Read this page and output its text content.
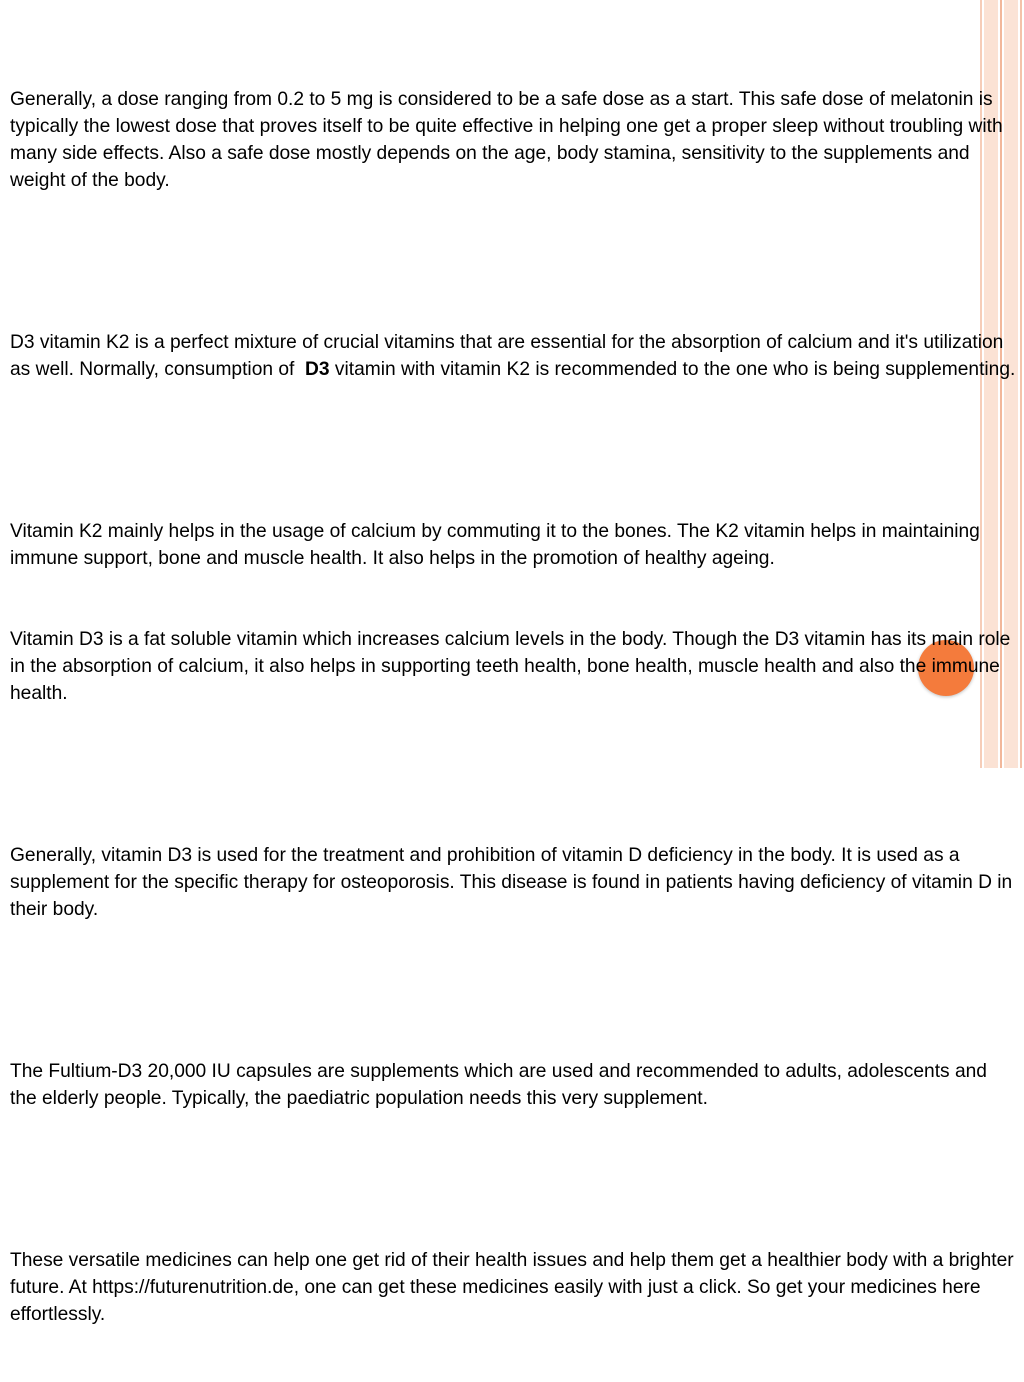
Generally, a dose ranging from 0.2 to 5 mg is considered to be a safe dose as a start. This safe dose of melatonin is typically the lowest dose that proves itself to be quite effective in helping one get a proper sleep without troubling with many side effects. Also a safe dose mostly depends on the age, body stamina, sensitivity to the supplements and weight of the body.

D3 vitamin K2 is a perfect mixture of crucial vitamins that are essential for the absorption of calcium and it's utilization as well. Normally, consumption of  D3 vitamin with vitamin K2 is recommended to the one who is being supplementing.

Vitamin K2 mainly helps in the usage of calcium by commuting it to the bones. The K2 vitamin helps in maintaining immune support, bone and muscle health. It also helps in the promotion of healthy ageing.

Vitamin D3 is a fat soluble vitamin which increases calcium levels in the body. Though the D3 vitamin has its main role in the absorption of calcium, it also helps in supporting teeth health, bone health, muscle health and also the immune health.

Generally, vitamin D3 is used for the treatment and prohibition of vitamin D deficiency in the body. It is used as a supplement for the specific therapy for osteoporosis. This disease is found in patients having deficiency of vitamin D in their body.

The Fultium-D3 20,000 IU capsules are supplements which are used and recommended to adults, adolescents and the elderly people. Typically, the paediatric population needs this very supplement.

These versatile medicines can help one get rid of their health issues and help them get a healthier body with a brighter future. At https://futurenutrition.de, one can get these medicines easily with just a click. So get your medicines here effortlessly.
